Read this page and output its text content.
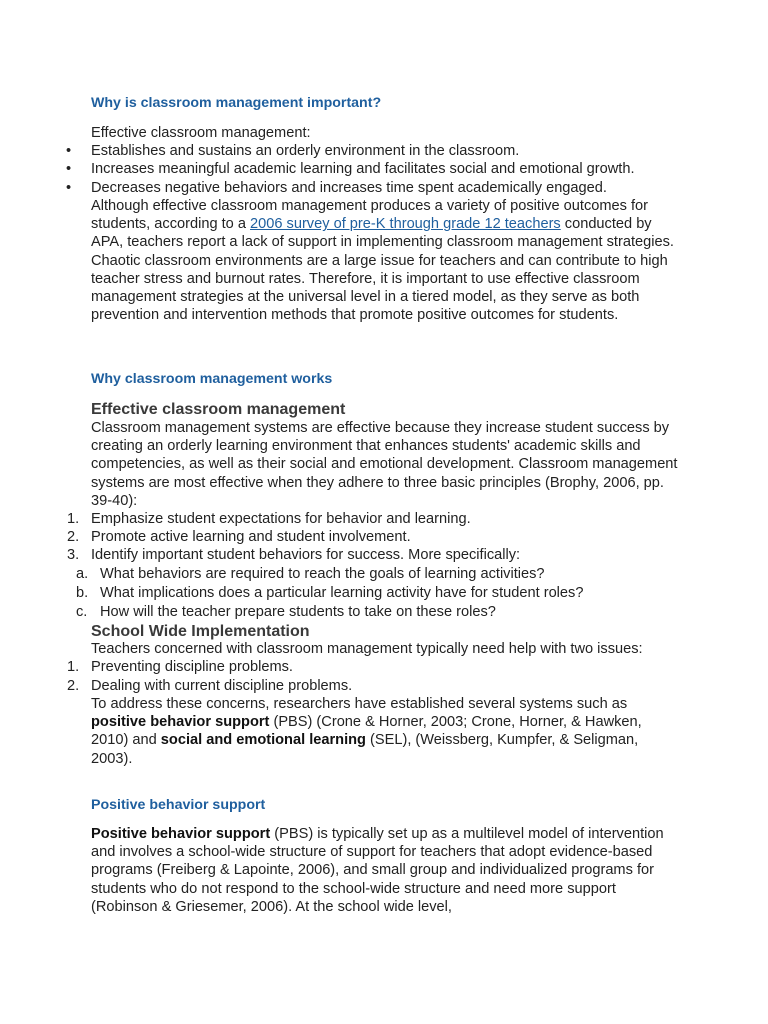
Why is classroom management important?

Effective classroom management:

• Establishes and sustains an orderly environment in the classroom.

• Increases meaningful academic learning and facilitates social and emotional growth.

• Decreases negative behaviors and increases time spent academically engaged.

Although effective classroom management produces a variety of positive outcomes for students, according to a 2006 survey of pre-K through grade 12 teachers conducted by APA, teachers report a lack of support in implementing classroom management strategies. Chaotic classroom environments are a large issue for teachers and can contribute to high teacher stress and burnout rates. Therefore, it is important to use effective classroom management strategies at the universal level in a tiered model, as they serve as both prevention and intervention methods that promote positive outcomes for students.

Why classroom management works
Effective classroom management

Classroom management systems are effective because they increase student success by creating an orderly learning environment that enhances students' academic skills and competencies, as well as their social and emotional development. Classroom management systems are most effective when they adhere to three basic principles (Brophy, 2006, pp. 39-40):

1. Emphasize student expectations for behavior and learning.

2. Promote active learning and student involvement.

3. Identify important student behaviors for success. More specifically:

a. What behaviors are required to reach the goals of learning activities?

b. What implications does a particular learning activity have for student roles?

c. How will the teacher prepare students to take on these roles?

School Wide Implementation

Teachers concerned with classroom management typically need help with two issues:

1. Preventing discipline problems.

2. Dealing with current discipline problems.

To address these concerns, researchers have established several systems such as positive behavior support (PBS) (Crone & Horner, 2003; Crone, Horner, & Hawken, 2010) and social and emotional learning (SEL), (Weissberg, Kumpfer, & Seligman, 2003).

Positive behavior support

Positive behavior support (PBS) is typically set up as a multilevel model of intervention and involves a school-wide structure of support for teachers that adopt evidence-based programs (Freiberg & Lapointe, 2006), and small group and individualized programs for students who do not respond to the school-wide structure and need more support (Robinson & Griesemer, 2006). At the school wide level,
